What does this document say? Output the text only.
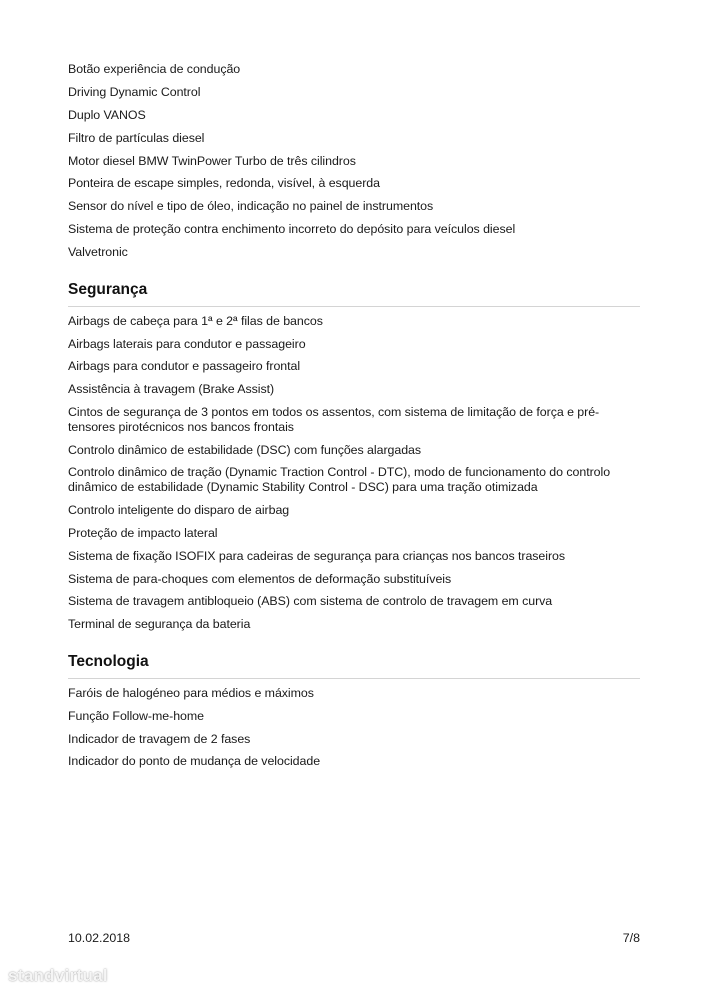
Botão experiência de condução
Driving Dynamic Control
Duplo VANOS
Filtro de partículas diesel
Motor diesel BMW TwinPower Turbo de três cilindros
Ponteira de escape simples, redonda, visível, à esquerda
Sensor do nível e tipo de óleo, indicação no painel de instrumentos
Sistema de proteção contra enchimento incorreto do depósito para veículos diesel
Valvetronic
Segurança
Airbags de cabeça para 1ª e 2ª filas de bancos
Airbags laterais para condutor e passageiro
Airbags para condutor e passageiro frontal
Assistência à travagem (Brake Assist)
Cintos de segurança de 3 pontos em todos os assentos, com sistema de limitação de força e pré-tensores pirotécnicos nos bancos frontais
Controlo dinâmico de estabilidade (DSC) com funções alargadas
Controlo dinâmico de tração (Dynamic Traction Control - DTC), modo de funcionamento do controlo dinâmico de estabilidade (Dynamic Stability Control - DSC) para uma tração otimizada
Controlo inteligente do disparo de airbag
Proteção de impacto lateral
Sistema de fixação ISOFIX para cadeiras de segurança para crianças nos bancos traseiros
Sistema de para-choques com elementos de deformação substituíveis
Sistema de travagem antibloqueio (ABS) com sistema de controlo de travagem em curva
Terminal de segurança da bateria
Tecnologia
Faróis de halogéneo para médios e máximos
Função Follow-me-home
Indicador de travagem de 2 fases
Indicador do ponto de mudança de velocidade
10.02.2018	7/8
standvirtual
